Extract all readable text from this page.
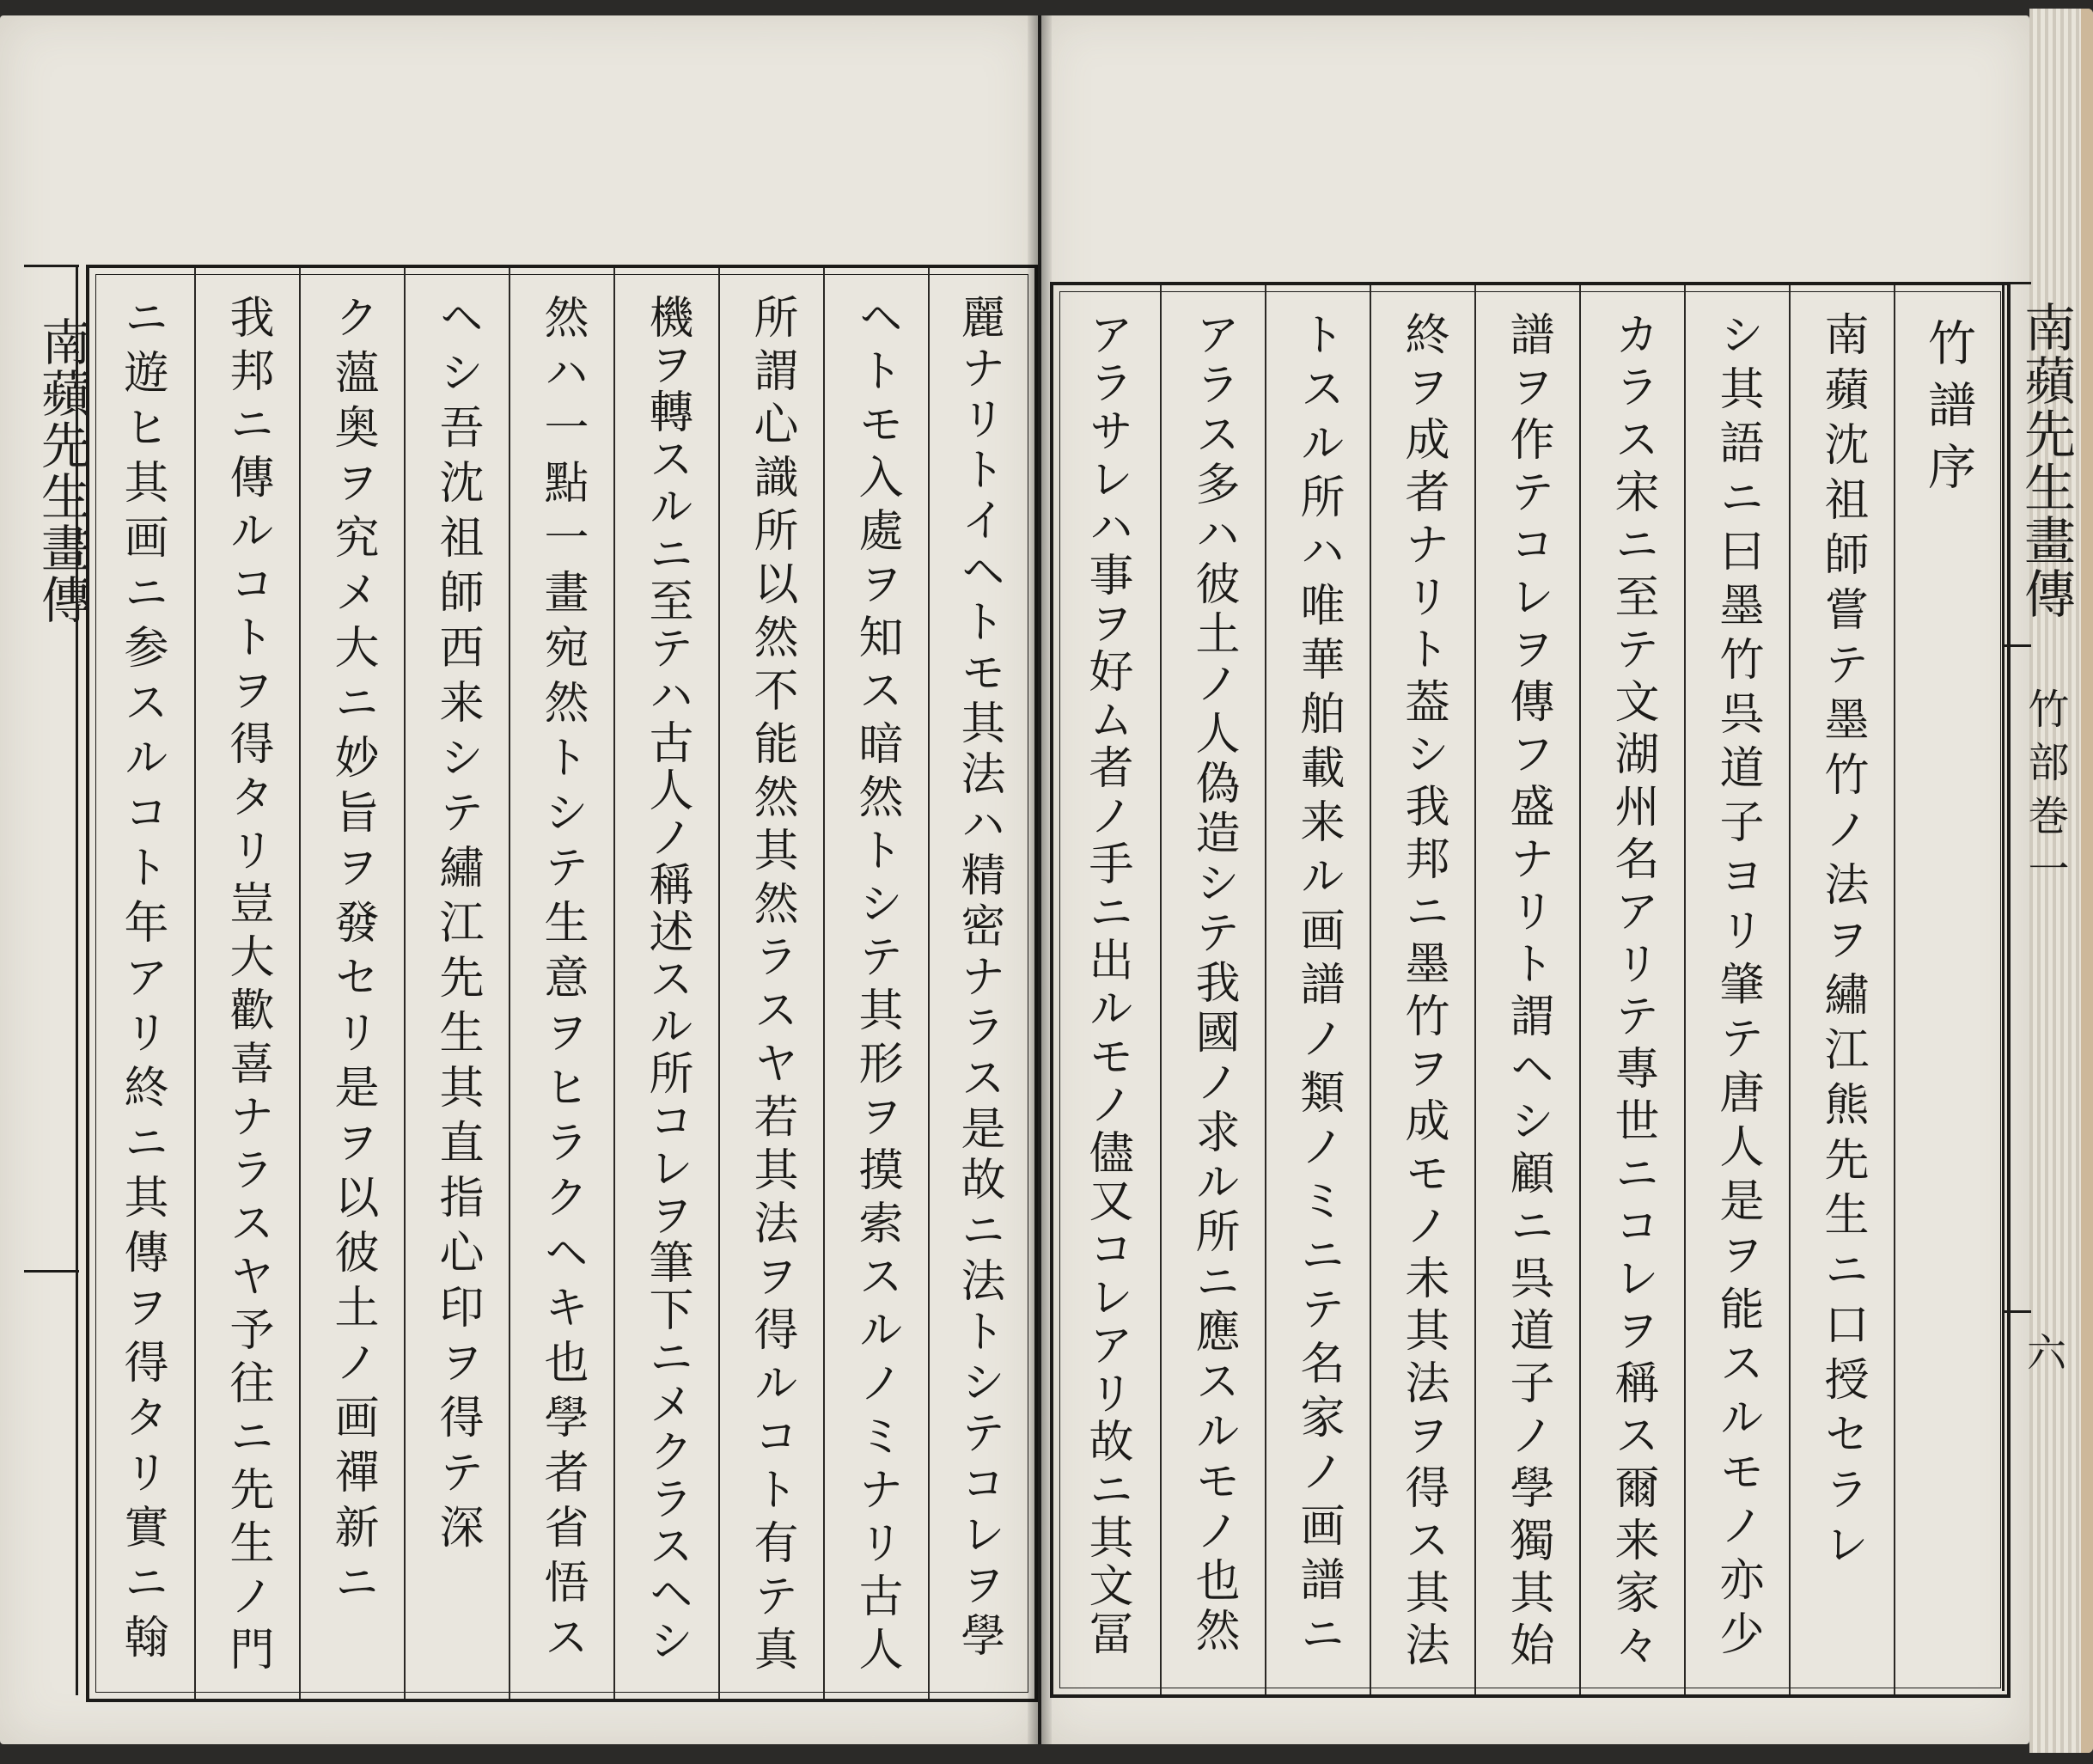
南蘋先生畫傳 ニ遊ヒ其画ニ参スルコト年アリ終ニ其傳ヲ得タリ實ニ翰 我邦ニ傳ルコトヲ得タリ豈大歡喜ナラスヤ予往ニ先生ノ門 ク薀奥ヲ究メ大ニ妙旨ヲ發セリ是ヲ以彼土ノ画禪新ニ ヘシ吾沈祖師西来シテ繡江先生其直指心印ヲ得テ深 然ハ一點一畫宛然トシテ生意ヲヒラクヘキ也學者省悟ス 機ヲ轉スルニ至テハ古人ノ稱述スル所コレヲ筆下ニメクラスヘシ 所謂心識所以然不能然其然ラスヤ若其法ヲ得ルコト有テ真 ヘトモ入處ヲ知ス暗然トシテ其形ヲ摸索スルノミナリ古人 麗ナリトイヘトモ其法ハ精密ナラス是故ニ法トシテコレヲ學 アラサレハ事ヲ好ム者ノ手ニ出ルモノ儘又コレアリ故ニ其文冨 アラス多ハ彼土ノ人偽造シテ我國ノ求ル所ニ應スルモノ也然 トスル所ハ唯華舶載来ル画譜ノ類ノミニテ名家ノ画譜ニ 終ヲ成者ナリト葢シ我邦ニ墨竹ヲ成モノ未其法ヲ得ス其法 譜ヲ作テコレヲ傳フ盛ナリト謂ヘシ顧ニ呉道子ノ學獨其始 カラス宋ニ至テ文湖州名アリテ專世ニコレヲ稱ス爾来家々 シ其語ニ曰墨竹呉道子ヨリ肇テ唐人是ヲ能スルモノ亦少 南蘋沈祖師嘗テ墨竹ノ法ヲ繡江熊先生ニ口授セラレ 竹譜序 南蘋先生畫傳
竹部巻一
六
